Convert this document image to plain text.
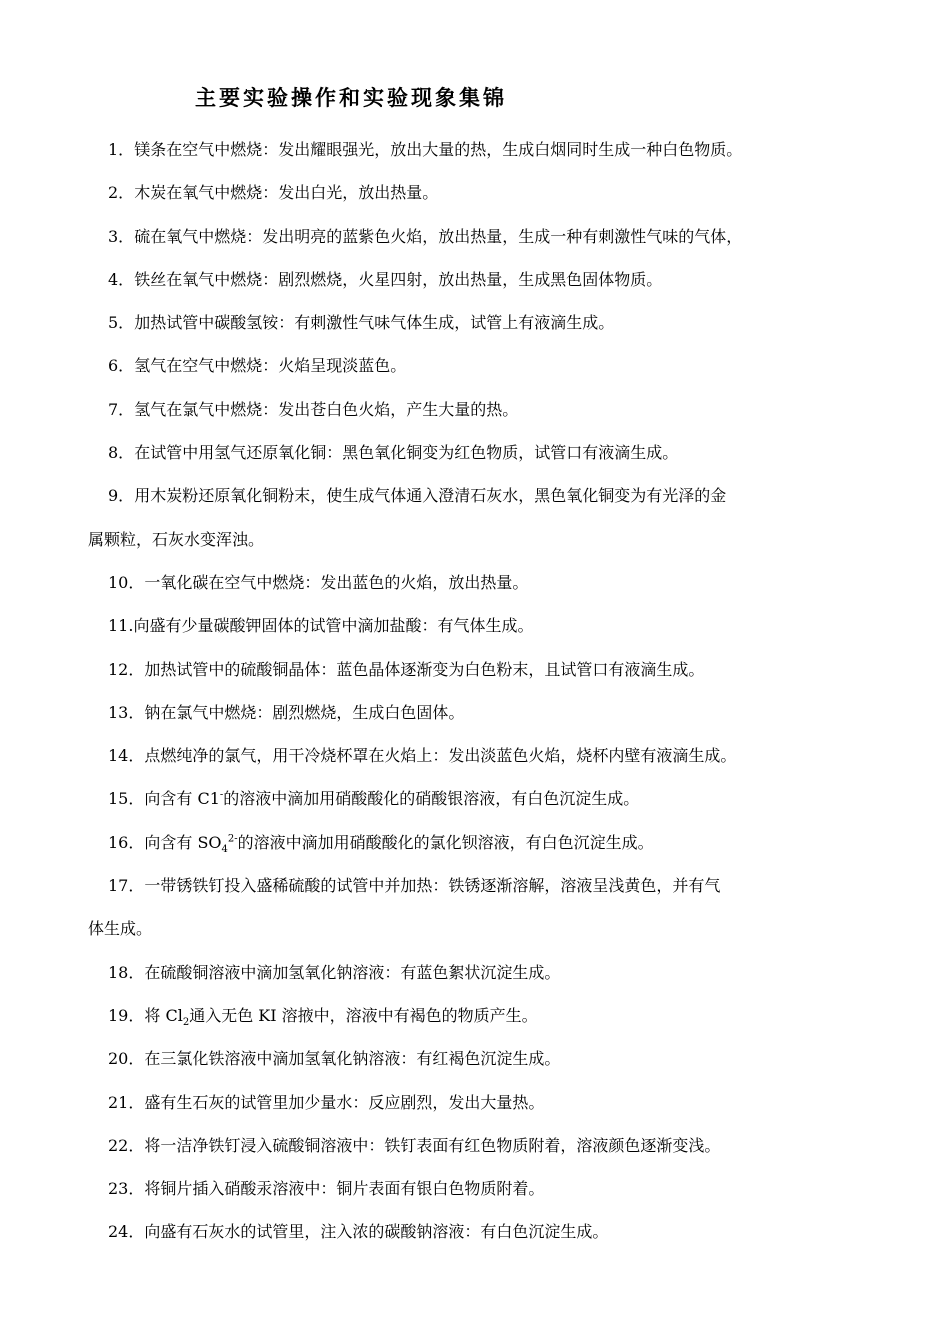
主要实验操作和实验现象集锦
1．镁条在空气中燃烧：发出耀眼强光，放出大量的热，生成白烟同时生成一种白色物质。
2．木炭在氧气中燃烧：发出白光，放出热量。
3．硫在氧气中燃烧：发出明亮的蓝紫色火焰，放出热量，生成一种有刺激性气味的气体，
4．铁丝在氧气中燃烧：剧烈燃烧，火星四射，放出热量，生成黑色固体物质。
5．加热试管中碳酸氢铵：有刺激性气味气体生成，试管上有液滴生成。
6．氢气在空气中燃烧：火焰呈现淡蓝色。
7．氢气在氯气中燃烧：发出苍白色火焰，产生大量的热。
8．在试管中用氢气还原氧化铜：黑色氧化铜变为红色物质，试管口有液滴生成。
9．用木炭粉还原氧化铜粉末，使生成气体通入澄清石灰水，黑色氧化铜变为有光泽的金
属颗粒，石灰水变浑浊。
10．一氧化碳在空气中燃烧：发出蓝色的火焰，放出热量。
11.向盛有少量碳酸钾固体的试管中滴加盐酸：有气体生成。
12．加热试管中的硫酸铜晶体：蓝色晶体逐渐变为白色粉末，且试管口有液滴生成。
13．钠在氯气中燃烧：剧烈燃烧，生成白色固体。
14．点燃纯净的氯气，用干冷烧杯罩在火焰上：发出淡蓝色火焰，烧杯内壁有液滴生成。
15．向含有 C1-的溶液中滴加用硝酸酸化的硝酸银溶液，有白色沉淀生成。
16．向含有 $SO_4^{2-}$的溶液中滴加用硝酸酸化的氯化钡溶液，有白色沉淀生成。
17．一带锈铁钉投入盛稀硫酸的试管中并加热：铁锈逐渐溶解，溶液呈浅黄色，并有气
体生成。
18．在硫酸铜溶液中滴加氢氧化钠溶液：有蓝色絮状沉淀生成。
19．将 $Cl_2$通入无色 KI 溶掖中，溶液中有褐色的物质产生。
20．在三氯化铁溶液中滴加氢氧化钠溶液：有红褐色沉淀生成。
21．盛有生石灰的试管里加少量水：反应剧烈，发出大量热。
22．将一洁净铁钉浸入硫酸铜溶液中：铁钉表面有红色物质附着，溶液颜色逐渐变浅。
23．将铜片插入硝酸汞溶液中：铜片表面有银白色物质附着。
24．向盛有石灰水的试管里，注入浓的碳酸钠溶液：有白色沉淀生成。
